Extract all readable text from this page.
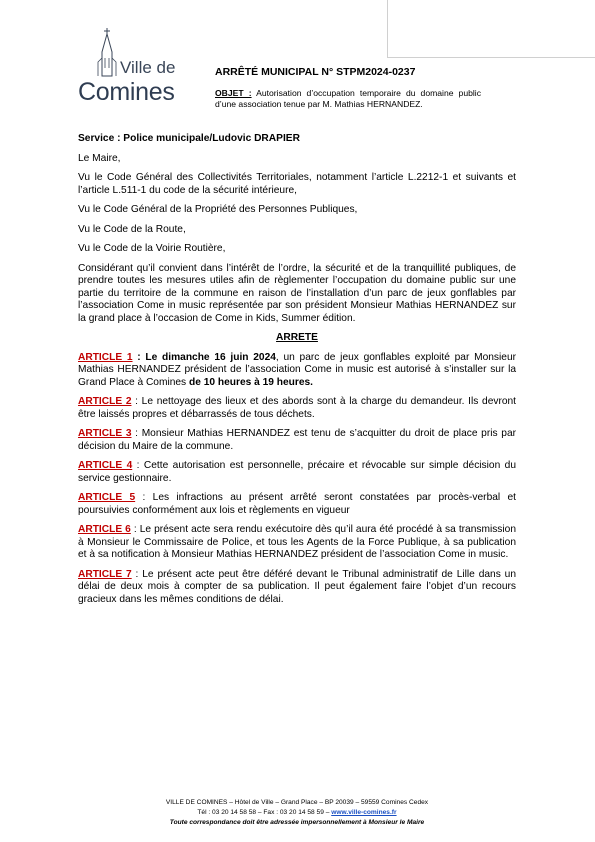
Ville de
Comines
ARRÊTÉ MUNICIPAL N° STPM2024-0237
OBJET : Autorisation d’occupation temporaire du domaine public d’une association tenue par M. Mathias HERNANDEZ.

Service : Police municipale/Ludovic DRAPIER

Le Maire,

Vu le Code Général des Collectivités Territoriales, notamment l’article L.2212-1 et suivants et l’article L.511-1 du code de la sécurité intérieure,

Vu le Code Général de la Propriété des Personnes Publiques,

Vu le Code de la Route,

Vu le Code de la Voirie Routière,

Considérant qu’il convient dans l’intérêt de l’ordre, la sécurité et de la tranquillité publiques, de prendre toutes les mesures utiles afin de règlementer l’occupation du domaine public sur une partie du territoire de la commune en raison de l’installation d’un parc de jeux gonflables par l’association Come in music représentée par son président Monsieur Mathias HERNANDEZ sur la grand place à l’occasion de Come in Kids, Summer édition.

ARRETE

ARTICLE 1 : Le dimanche 16 juin 2024, un parc de jeux gonflables exploité par Monsieur Mathias HERNANDEZ président de l’association Come in music est autorisé à s’installer sur la Grand Place à Comines de 10 heures à 19 heures.

ARTICLE 2 : Le nettoyage des lieux et des abords sont à la charge du demandeur. Ils devront être laissés propres et débarrassés de tous déchets.

ARTICLE 3 : Monsieur Mathias HERNANDEZ est tenu de s’acquitter du droit de place pris par décision du Maire de la commune.

ARTICLE 4 : Cette autorisation est personnelle, précaire et révocable sur simple décision du service gestionnaire.

ARTICLE 5 : Les infractions au présent arrêté seront constatées par procès-verbal et poursuivies conformément aux lois et règlements en vigueur

ARTICLE 6 : Le présent acte sera rendu exécutoire dès qu’il aura été procédé à sa transmission à Monsieur le Commissaire de Police, et tous les Agents de la Force Publique, à sa publication et à sa notification à Monsieur Mathias HERNANDEZ président de l’association Come in music.

ARTICLE 7 : Le présent acte peut être déféré devant le Tribunal administratif de Lille dans un délai de deux mois à compter de sa publication. Il peut également faire l’objet d’un recours gracieux dans les mêmes conditions de délai.

VILLE DE COMINES – Hôtel de Ville – Grand Place – BP 20039 – 59559 Comines Cedex
Tél : 03 20 14 58 58 – Fax : 03 20 14 58 59 – www.ville-comines.fr
Toute correspondance doit être adressée impersonnellement à Monsieur le Maire
